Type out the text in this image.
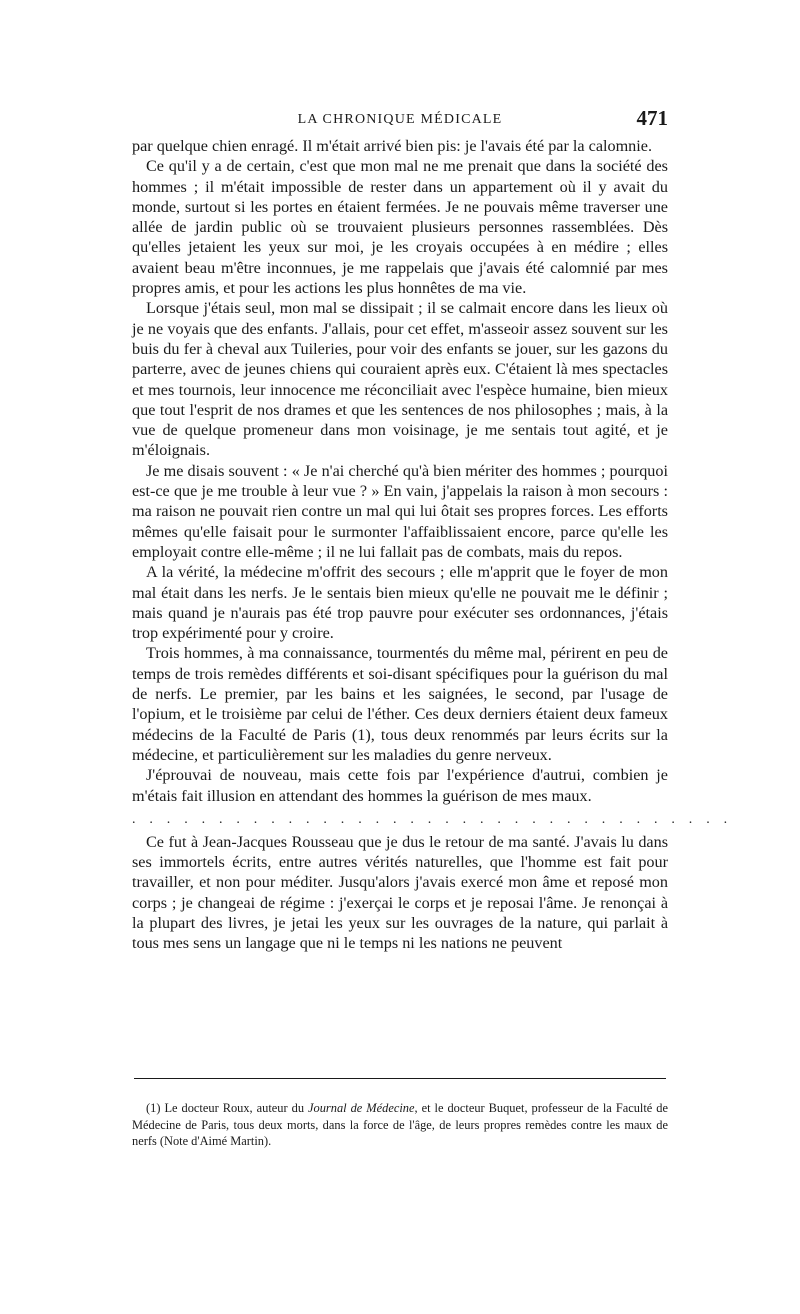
LA CHRONIQUE MÉDICALE	471

par quelque chien enragé. Il m'était arrivé bien pis: je l'avais été par la calomnie.

Ce qu'il y a de certain, c'est que mon mal ne me prenait que dans la société des hommes ; il m'était impossible de rester dans un appartement où il y avait du monde, surtout si les portes en étaient fermées. Je ne pouvais même traverser une allée de jardin public où se trouvaient plusieurs personnes rassemblées. Dès qu'elles jetaient les yeux sur moi, je les croyais occupées à en médire ; elles avaient beau m'être inconnues, je me rappelais que j'avais été calomnié par mes propres amis, et pour les actions les plus honnêtes de ma vie.

Lorsque j'étais seul, mon mal se dissipait ; il se calmait encore dans les lieux où je ne voyais que des enfants. J'allais, pour cet effet, m'asseoir assez souvent sur les buis du fer à cheval aux Tuileries, pour voir des enfants se jouer, sur les gazons du parterre, avec de jeunes chiens qui couraient après eux. C'étaient là mes spectacles et mes tournois, leur innocence me réconciliait avec l'espèce humaine, bien mieux que tout l'esprit de nos drames et que les sentences de nos philosophes ; mais, à la vue de quelque promeneur dans mon voisinage, je me sentais tout agité, et je m'éloignais.

Je me disais souvent : « Je n'ai cherché qu'à bien mériter des hommes ; pourquoi est-ce que je me trouble à leur vue ? » En vain, j'appelais la raison à mon secours : ma raison ne pouvait rien contre un mal qui lui ôtait ses propres forces. Les efforts mêmes qu'elle faisait pour le surmonter l'affaiblissaient encore, parce qu'elle les employait contre elle-même ; il ne lui fallait pas de combats, mais du repos.

A la vérité, la médecine m'offrit des secours ; elle m'apprit que le foyer de mon mal était dans les nerfs. Je le sentais bien mieux qu'elle ne pouvait me le définir ; mais quand je n'aurais pas été trop pauvre pour exécuter ses ordonnances, j'étais trop expérimenté pour y croire.

Trois hommes, à ma connaissance, tourmentés du même mal, périrent en peu de temps de trois remèdes différents et soi-disant spécifiques pour la guérison du mal de nerfs. Le premier, par les bains et les saignées, le second, par l'usage de l'opium, et le troisième par celui de l'éther. Ces deux derniers étaient deux fameux médecins de la Faculté de Paris (1), tous deux renommés par leurs écrits sur la médecine, et particulièrement sur les maladies du genre nerveux.

J'éprouvai de nouveau, mais cette fois par l'expérience d'autrui, combien je m'étais fait illusion en attendant des hommes la guérison de mes maux.

. . . . . . . . . . . . . . . . . . . . . . . . . . . . . . . . . . .

Ce fut à Jean-Jacques Rousseau que je dus le retour de ma santé. J'avais lu dans ses immortels écrits, entre autres vérités naturelles, que l'homme est fait pour travailler, et non pour méditer. Jusqu'alors j'avais exercé mon âme et reposé mon corps ; je changeai de régime : j'exerçai le corps et je reposai l'âme. Je renonçai à la plupart des livres, je jetai les yeux sur les ouvrages de la nature, qui parlait à tous mes sens un langage que ni le temps ni les nations ne peuvent

(1) Le docteur Roux, auteur du Journal de Médecine, et le docteur Buquet, professeur de la Faculté de Médecine de Paris, tous deux morts, dans la force de l'âge, de leurs propres remèdes contre les maux de nerfs (Note d'Aimé Martin).
